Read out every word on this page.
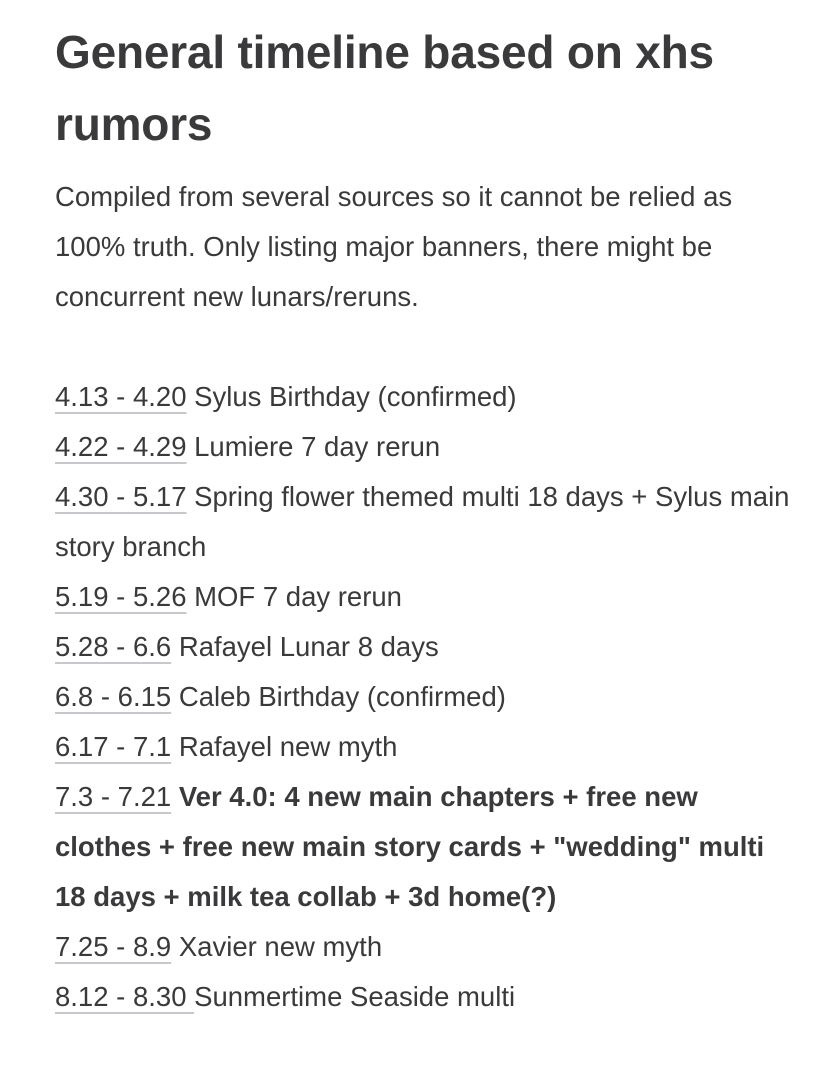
General timeline based on xhs rumors

Compiled from several sources so it cannot be relied as 100% truth. Only listing major banners, there might be concurrent new lunars/reruns.

4.13 - 4.20 Sylus Birthday (confirmed)
4.22 - 4.29 Lumiere 7 day rerun
4.30 - 5.17 Spring flower themed multi 18 days + Sylus main story branch
5.19 - 5.26 MOF 7 day rerun
5.28 - 6.6 Rafayel Lunar 8 days
6.8 - 6.15 Caleb Birthday (confirmed)
6.17 - 7.1 Rafayel new myth
7.3 - 7.21 Ver 4.0: 4 new main chapters + free new clothes + free new main story cards + "wedding" multi 18 days + milk tea collab + 3d home(?)
7.25 - 8.9 Xavier new myth
8.12 - 8.30 Sunmertime Seaside multi
